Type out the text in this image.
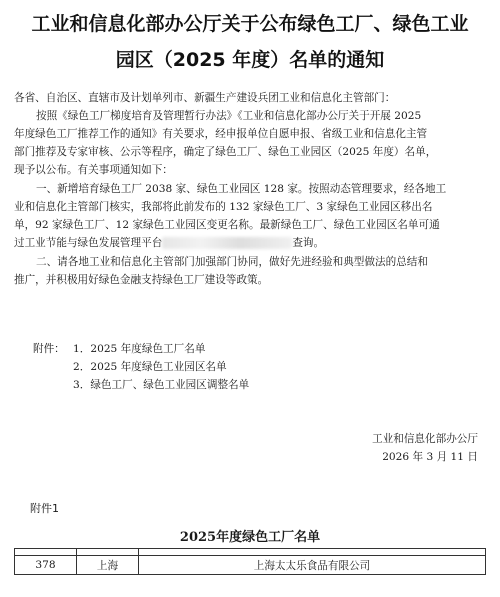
工业和信息化部办公厅关于公布绿色工厂、绿色工业
园区（2025 年度）名单的通知
各省、自治区、直辖市及计划单列市、新疆生产建设兵团工业和信息化主管部门：
按照《绿色工厂梯度培育及管理暂行办法》《工业和信息化部办公厅关于开展 2025
年度绿色工厂推荐工作的通知》有关要求，经申报单位自愿申报、省级工业和信息化主管
部门推荐及专家审核、公示等程序，确定了绿色工厂、绿色工业园区（2025 年度）名单，
现予以公布。有关事项通知如下：
一、新增培育绿色工厂 2038 家、绿色工业园区 128 家。按照动态管理要求，经各地工
业和信息化主管部门核实，我部将此前发布的 132 家绿色工厂、3 家绿色工业园区移出名
单，92 家绿色工厂、12 家绿色工业园区变更名称。最新绿色工厂、绿色工业园区名单可通
过工业节能与绿色发展管理平台	查询。
二、请各地工业和信息化主管部门加强部门协同，做好先进经验和典型做法的总结和
推广，并积极用好绿色金融支持绿色工厂建设等政策。
附件： 1．2025 年度绿色工厂名单
2．2025 年度绿色工业园区名单
3．绿色工厂、绿色工业园区调整名单
工业和信息化部办公厅
2026 年 3 月 11 日
附件1
2025年度绿色工厂名单

378	上海	上海太太乐食品有限公司
